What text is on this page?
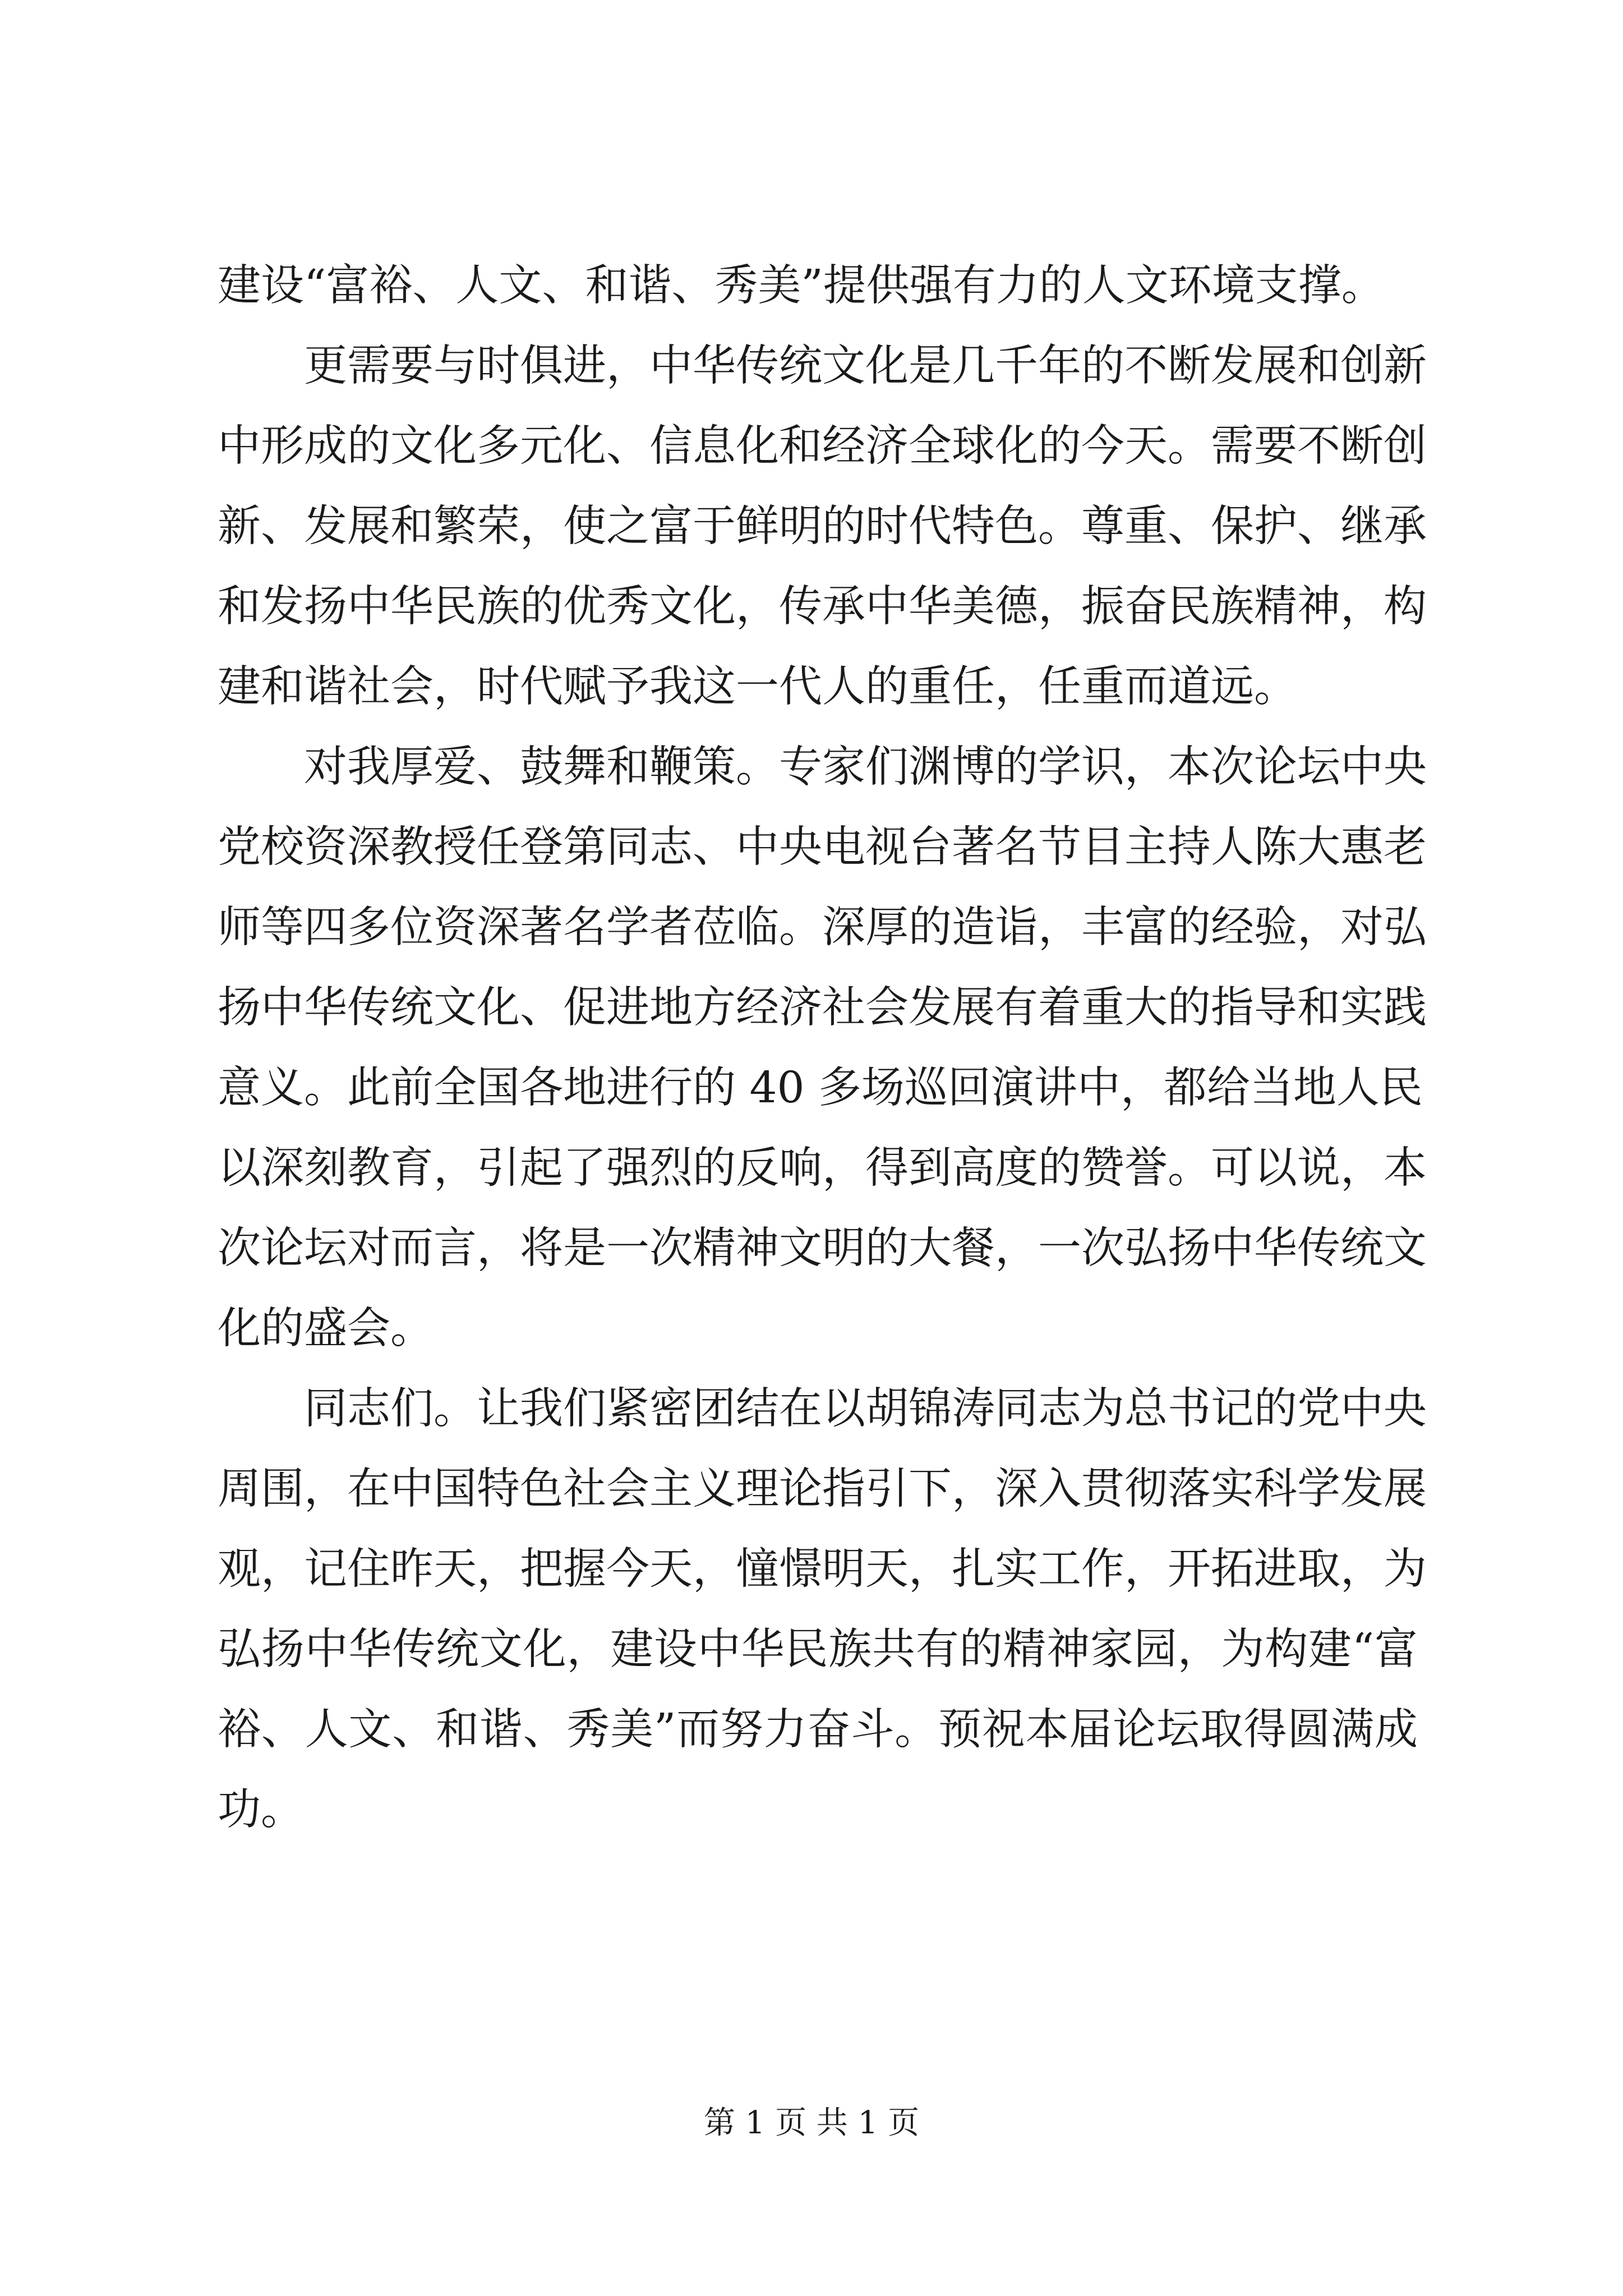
建设“富裕、人文、和谐、秀美”提供强有力的人文环境支撑。
更需要与时俱进，中华传统文化是几千年的不断发展和创新
中形成的文化多元化、信息化和经济全球化的今天。需要不断创
新、发展和繁荣，使之富于鲜明的时代特色。尊重、保护、继承
和发扬中华民族的优秀文化，传承中华美德，振奋民族精神，构
建和谐社会，时代赋予我这一代人的重任，任重而道远。
对我厚爱、鼓舞和鞭策。专家们渊博的学识，本次论坛中央
党校资深教授任登第同志、中央电视台著名节目主持人陈大惠老
师等四多位资深著名学者莅临。深厚的造诣，丰富的经验，对弘
扬中华传统文化、促进地方经济社会发展有着重大的指导和实践
意义。此前全国各地进行的 40 多场巡回演讲中，都给当地人民
以深刻教育，引起了强烈的反响，得到高度的赞誉。可以说，本
次论坛对而言，将是一次精神文明的大餐，一次弘扬中华传统文
化的盛会。
同志们。让我们紧密团结在以胡锦涛同志为总书记的党中央
周围，在中国特色社会主义理论指引下，深入贯彻落实科学发展
观，记住昨天，把握今天，憧憬明天，扎实工作，开拓进取，为
弘扬中华传统文化，建设中华民族共有的精神家园，为构建“富
裕、人文、和谐、秀美”而努力奋斗。预祝本届论坛取得圆满成
功。
第 1 页 共 1 页
